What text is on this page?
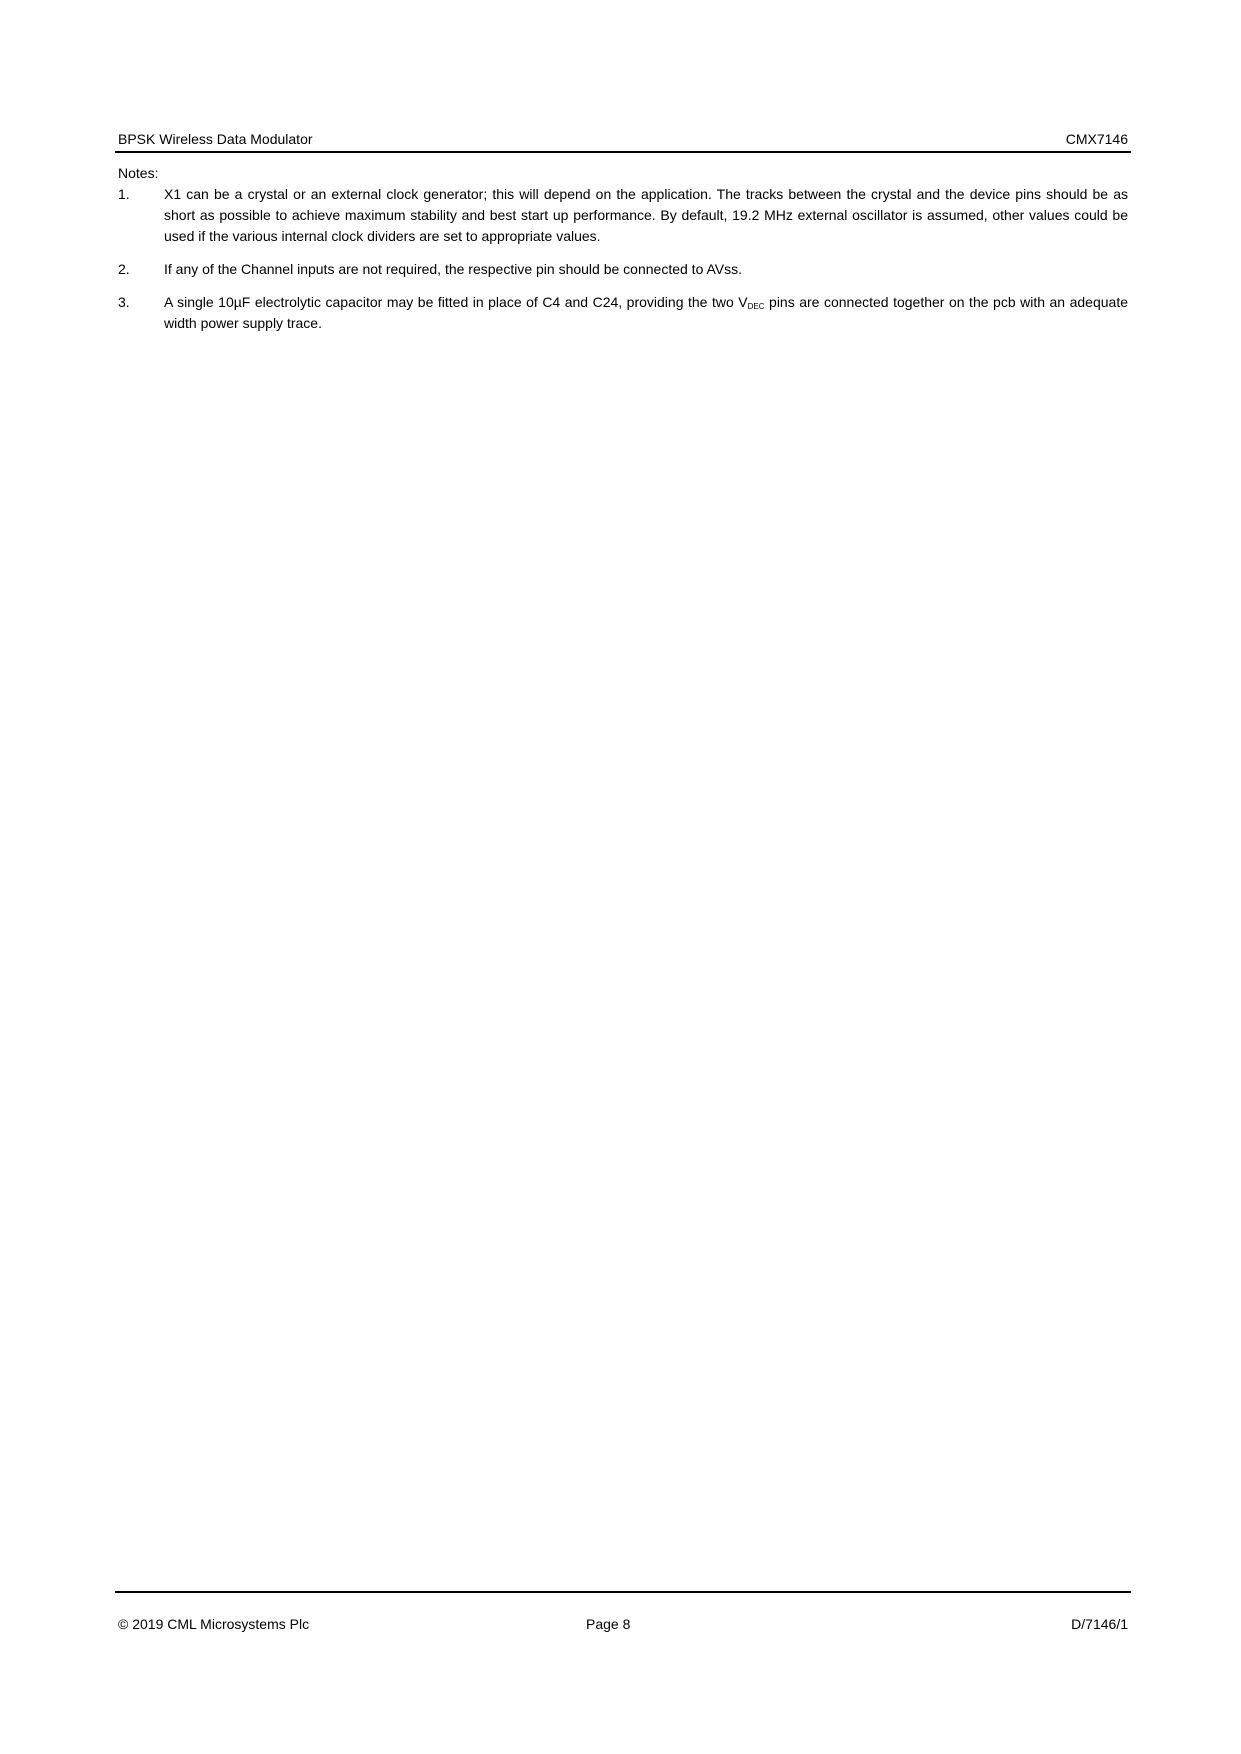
BPSK Wireless Data Modulator	CMX7146
Notes:
1. X1 can be a crystal or an external clock generator; this will depend on the application. The tracks between the crystal and the device pins should be as short as possible to achieve maximum stability and best start up performance. By default, 19.2 MHz external oscillator is assumed, other values could be used if the various internal clock dividers are set to appropriate values.
2. If any of the Channel inputs are not required, the respective pin should be connected to AVss.
3. A single 10µF electrolytic capacitor may be fitted in place of C4 and C24, providing the two $V_{DEC}$ pins are connected together on the pcb with an adequate width power supply trace.
© 2019 CML Microsystems Plc	Page 8	D/7146/1
